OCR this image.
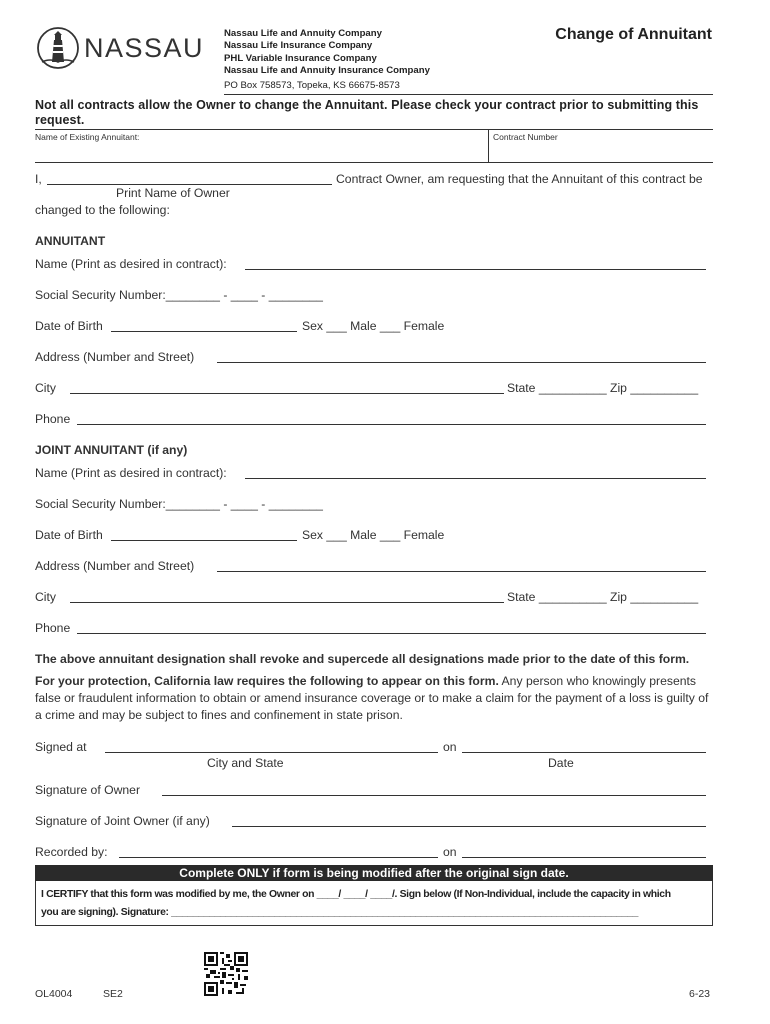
NASSAU Nassau Life and Annuity Company
Nassau Life Insurance Company
PHL Variable Insurance Company
Nassau Life and Annuity Insurance Company
PO Box 758573, Topeka, KS 66675-8573
Change of Annuitant
Not all contracts allow the Owner to change the Annuitant. Please check your contract prior to submitting this request.
Name of Existing Annuitant:	Contract Number
I,	Contract Owner, am requesting that the Annuitant of this contract be
Print Name of Owner
changed to the following:
ANNUITANT
Name (Print as desired in contract):
Social Security Number:________ - ____ - ________
Date of Birth	Sex ___ Male ___ Female
Address (Number and Street)
City	State __________ Zip __________
Phone
JOINT ANNUITANT (if any)
Name (Print as desired in contract):
Social Security Number:________ - ____ - ________
Date of Birth	Sex ___ Male ___ Female
Address (Number and Street)
City	State __________ Zip __________
Phone
The above annuitant designation shall revoke and supercede all designations made prior to the date of this form.
For your protection, California law requires the following to appear on this form. Any person who knowingly presents false or fraudulent information to obtain or amend insurance coverage or to make a claim for the payment of a loss is guilty of a crime and may be subject to fines and confinement in state prison.
Signed at	on
City and State	Date
Signature of Owner
Signature of Joint Owner (if any)
Recorded by:	on
Complete ONLY if form is being modified after the original sign date.
I CERTIFY that this form was modified by me, the Owner on ____/ ____/ ____/. Sign below (If Non-Individual, include the capacity in which
you are signing). Signature: ______________________________________________________________________________________
OL4004	SE2	6-23
